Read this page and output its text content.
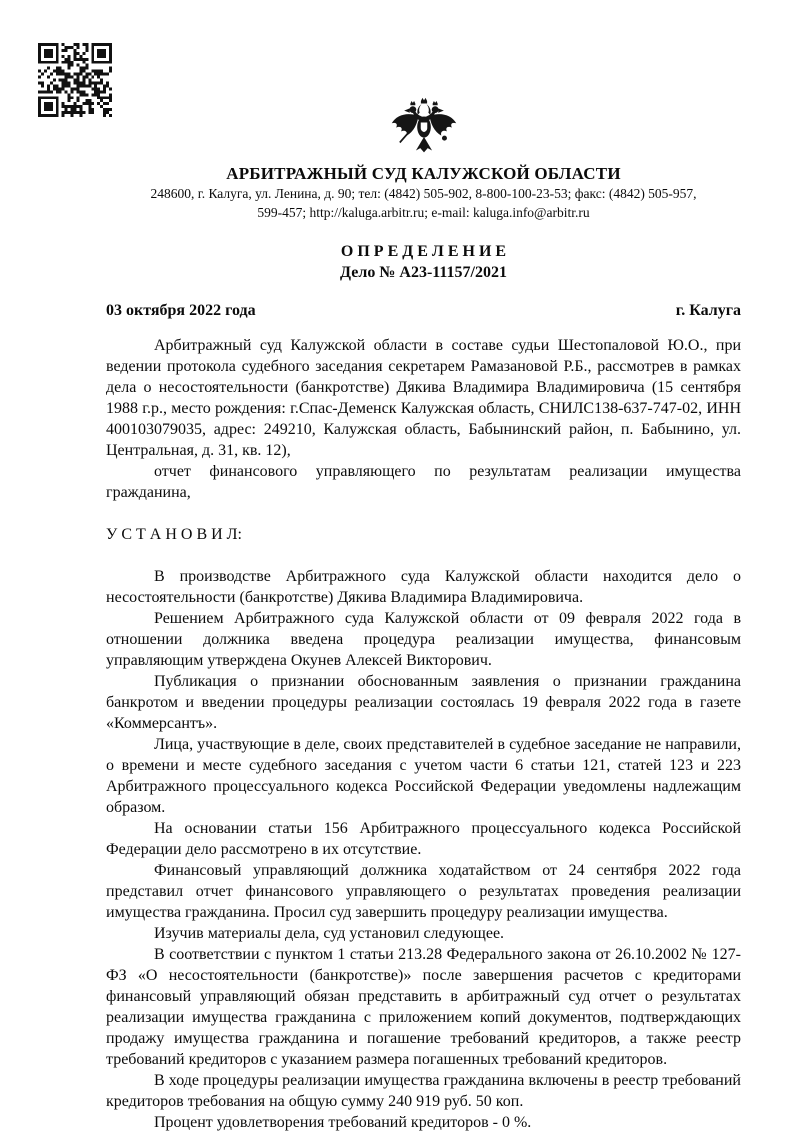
АРБИТРАЖНЫЙ СУД КАЛУЖСКОЙ ОБЛАСТИ
248600, г. Калуга, ул. Ленина, д. 90; тел: (4842) 505-902, 8-800-100-23-53; факс: (4842) 505-957,
599-457; http://kaluga.arbitr.ru; e-mail: kaluga.info@arbitr.ru
О П Р Е Д Е Л Е Н И Е
Дело № А23-11157/2021
03 октября 2022 года	г. Калуга

Арбитражный суд Калужской области в составе судьи Шестопаловой Ю.О., при ведении протокола судебного заседания секретарем Рамазановой Р.Б., рассмотрев в рамках дела о несостоятельности (банкротстве) Дякива Владимира Владимировича (15 сентября 1988 г.р., место рождения: г.Спас-Деменск Калужская область, СНИЛС138-637-747-02, ИНН 400103079035, адрес: 249210, Калужская область, Бабынинский район, п. Бабынино, ул. Центральная, д. 31, кв. 12),

отчет финансового управляющего по результатам реализации имущества гражданина,

У С Т А Н О В И Л:

В производстве Арбитражного суда Калужской области находится дело о несостоятельности (банкротстве) Дякива Владимира Владимировича.

Решением Арбитражного суда Калужской области от 09 февраля 2022 года в отношении должника введена процедура реализации имущества, финансовым управляющим утверждена Окунев Алексей Викторович.

Публикация о признании обоснованным заявления о признании гражданина банкротом и введении процедуры реализации состоялась 19 февраля 2022 года в газете «Коммерсантъ».

Лица, участвующие в деле, своих представителей в судебное заседание не направили, о времени и месте судебного заседания с учетом части 6 статьи 121, статей 123 и 223 Арбитражного процессуального кодекса Российской Федерации уведомлены надлежащим образом.

На основании статьи 156 Арбитражного процессуального кодекса Российской Федерации дело рассмотрено в их отсутствие.

Финансовый управляющий должника ходатайством от 24 сентября 2022 года представил отчет финансового управляющего о результатах проведения реализации имущества гражданина. Просил суд завершить процедуру реализации имущества.

Изучив материалы дела, суд установил следующее.

В соответствии с пунктом 1 статьи 213.28 Федерального закона от 26.10.2002 № 127-ФЗ «О несостоятельности (банкротстве)» после завершения расчетов с кредиторами финансовый управляющий обязан представить в арбитражный суд отчет о результатах реализации имущества гражданина с приложением копий документов, подтверждающих продажу имущества гражданина и погашение требований кредиторов, а также реестр требований кредиторов с указанием размера погашенных требований кредиторов.

В ходе процедуры реализации имущества гражданина включены в реестр требований кредиторов требования на общую сумму 240 919 руб. 50 коп.

Процент удовлетворения требований кредиторов - 0 %.
